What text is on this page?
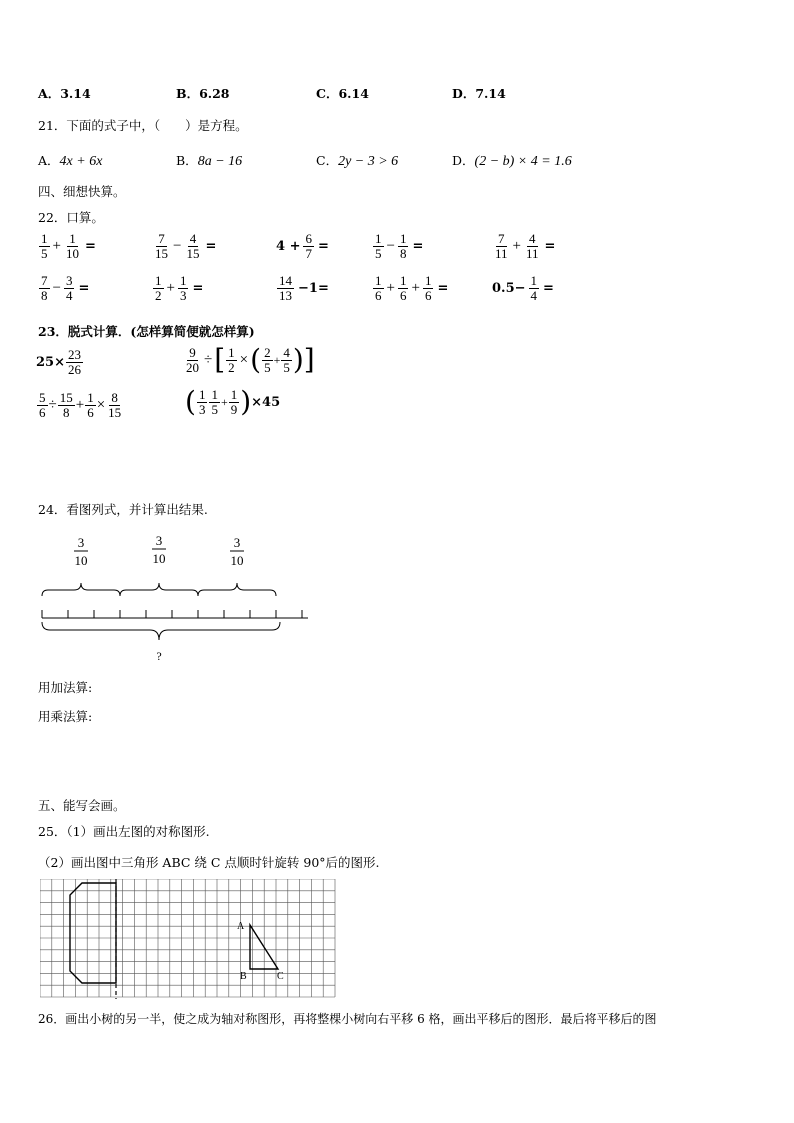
A．3.14	B．6.28	C．6.14	D．7.14
21．下面的式子中，（　　）是方程。
A．4x + 6x	B．8a − 16	C．2y − 3 > 6	D．(2 − b) × 4 = 1.6
四、细想快算。
22．口算。
$\frac{1}{5} + \frac{1}{10}$ =	$\frac{7}{15} - \frac{4}{15}$ =	$4 + \frac{6}{7}$ =	$\frac{1}{5} - \frac{1}{8}$ =	$\frac{7}{11} + \frac{4}{11}$ =
$\frac{7}{8} - \frac{3}{4}$ =	$\frac{1}{2} + \frac{1}{3}$ =	$\frac{14}{13} -1=$	$\frac{1}{6} + \frac{1}{6} + \frac{1}{6}$ =	$0.5- \frac{1}{4}$ =
23．脱式计算．(怎样算简便就怎样算)
$25\times \frac{23}{26}$	$\frac{9}{20}$ ÷ [ $\frac{1}{2}$ × ( $\frac{2}{5} + \frac{4}{5}$ )]
$\frac{5}{6} \div \frac{15}{8} + \frac{1}{6} \times \frac{8}{15}$ ( $\frac{1}{3} \frac{1}{5} + \frac{1}{9}$ ) ×45
24．看图列式，并计算出结果.
3
10
3
10
3
10
?
用加法算:
用乘法算:
五、能写会画。
25．（1）画出左图的对称图形.
（2）画出图中三角形 ABC 绕 C 点顺时针旋转 90°后的图形.
A
B	C
26．画出小树的另一半，使之成为轴对称图形，再将整棵小树向右平移 6 格，画出平移后的图形．最后将平移后的图
